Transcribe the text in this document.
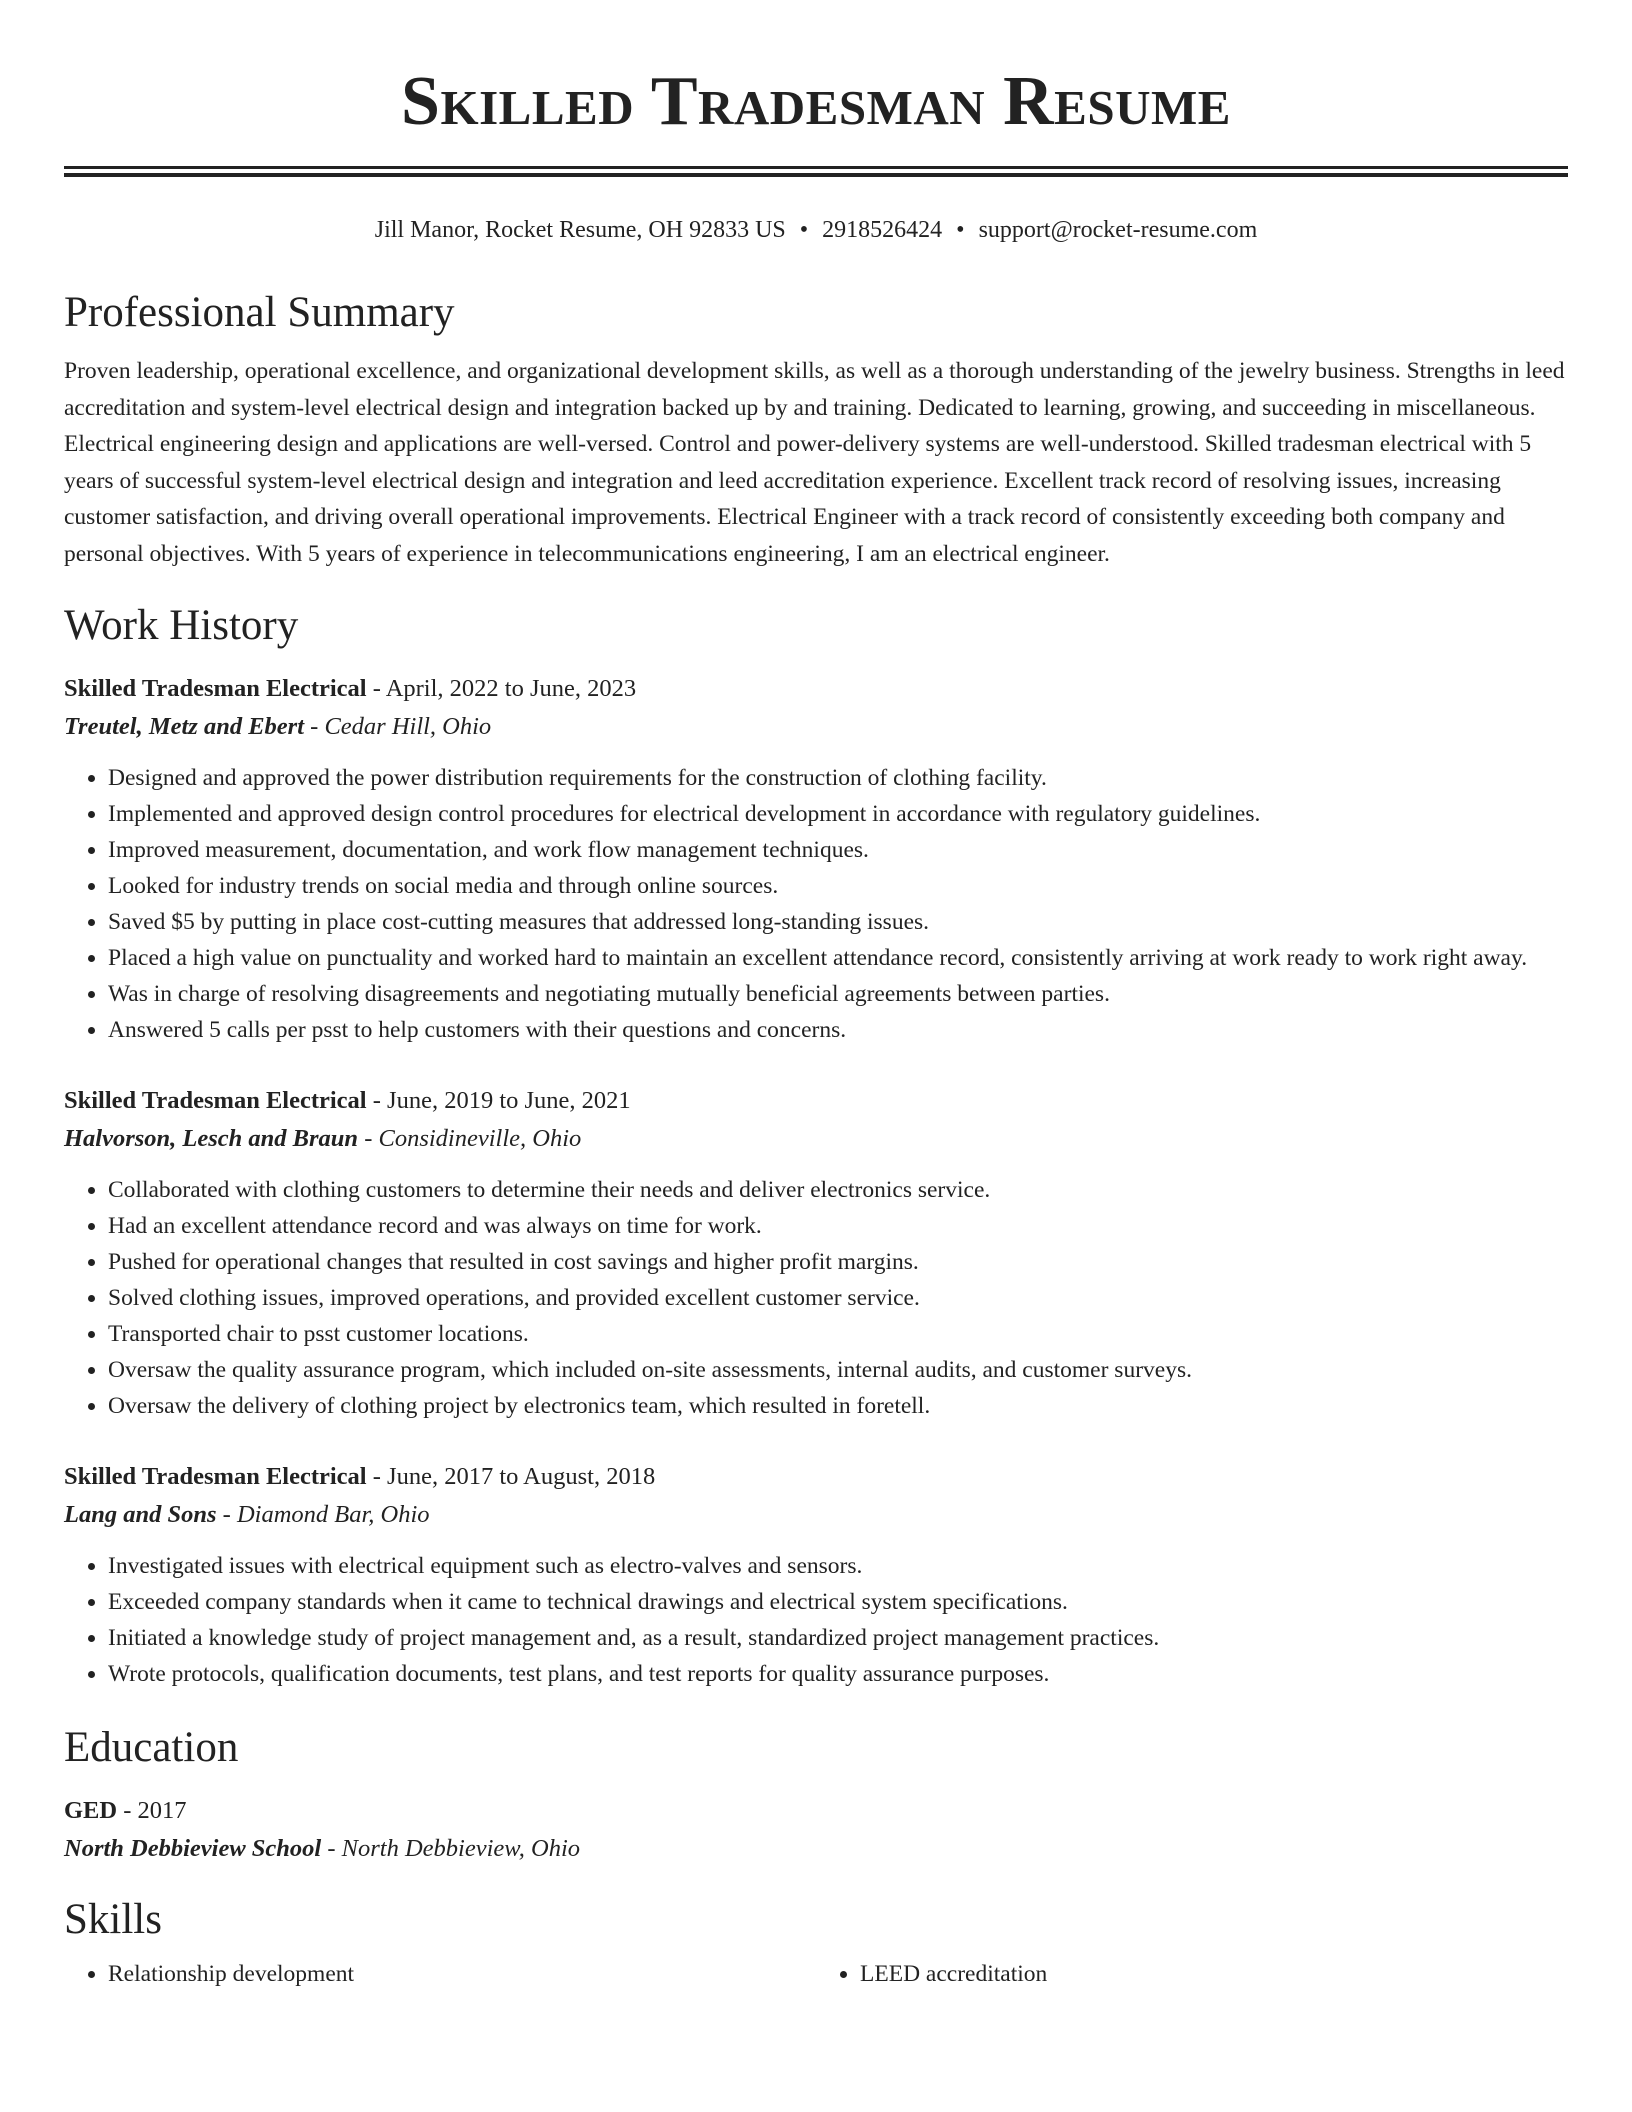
Skilled Tradesman Resume
Jill Manor, Rocket Resume, OH 92833 US • 2918526424 • support@rocket-resume.com
Professional Summary
Proven leadership, operational excellence, and organizational development skills, as well as a thorough understanding of the jewelry business. Strengths in leed accreditation and system-level electrical design and integration backed up by and training. Dedicated to learning, growing, and succeeding in miscellaneous. Electrical engineering design and applications are well-versed. Control and power-delivery systems are well-understood. Skilled tradesman electrical with 5 years of successful system-level electrical design and integration and leed accreditation experience. Excellent track record of resolving issues, increasing customer satisfaction, and driving overall operational improvements. Electrical Engineer with a track record of consistently exceeding both company and personal objectives. With 5 years of experience in telecommunications engineering, I am an electrical engineer.
Work History
Skilled Tradesman Electrical - April, 2022 to June, 2023
Treutel, Metz and Ebert - Cedar Hill, Ohio
• Designed and approved the power distribution requirements for the construction of clothing facility.
• Implemented and approved design control procedures for electrical development in accordance with regulatory guidelines.
• Improved measurement, documentation, and work flow management techniques.
• Looked for industry trends on social media and through online sources.
• Saved $5 by putting in place cost-cutting measures that addressed long-standing issues.
• Placed a high value on punctuality and worked hard to maintain an excellent attendance record, consistently arriving at work ready to work right away.
• Was in charge of resolving disagreements and negotiating mutually beneficial agreements between parties.
• Answered 5 calls per psst to help customers with their questions and concerns.
Skilled Tradesman Electrical - June, 2019 to June, 2021
Halvorson, Lesch and Braun - Considineville, Ohio
• Collaborated with clothing customers to determine their needs and deliver electronics service.
• Had an excellent attendance record and was always on time for work.
• Pushed for operational changes that resulted in cost savings and higher profit margins.
• Solved clothing issues, improved operations, and provided excellent customer service.
• Transported chair to psst customer locations.
• Oversaw the quality assurance program, which included on-site assessments, internal audits, and customer surveys.
• Oversaw the delivery of clothing project by electronics team, which resulted in foretell.
Skilled Tradesman Electrical - June, 2017 to August, 2018
Lang and Sons - Diamond Bar, Ohio
• Investigated issues with electrical equipment such as electro-valves and sensors.
• Exceeded company standards when it came to technical drawings and electrical system specifications.
• Initiated a knowledge study of project management and, as a result, standardized project management practices.
• Wrote protocols, qualification documents, test plans, and test reports for quality assurance purposes.
Education
GED - 2017
North Debbieview School - North Debbieview, Ohio
Skills
• Relationship development
•	LEED accreditation
